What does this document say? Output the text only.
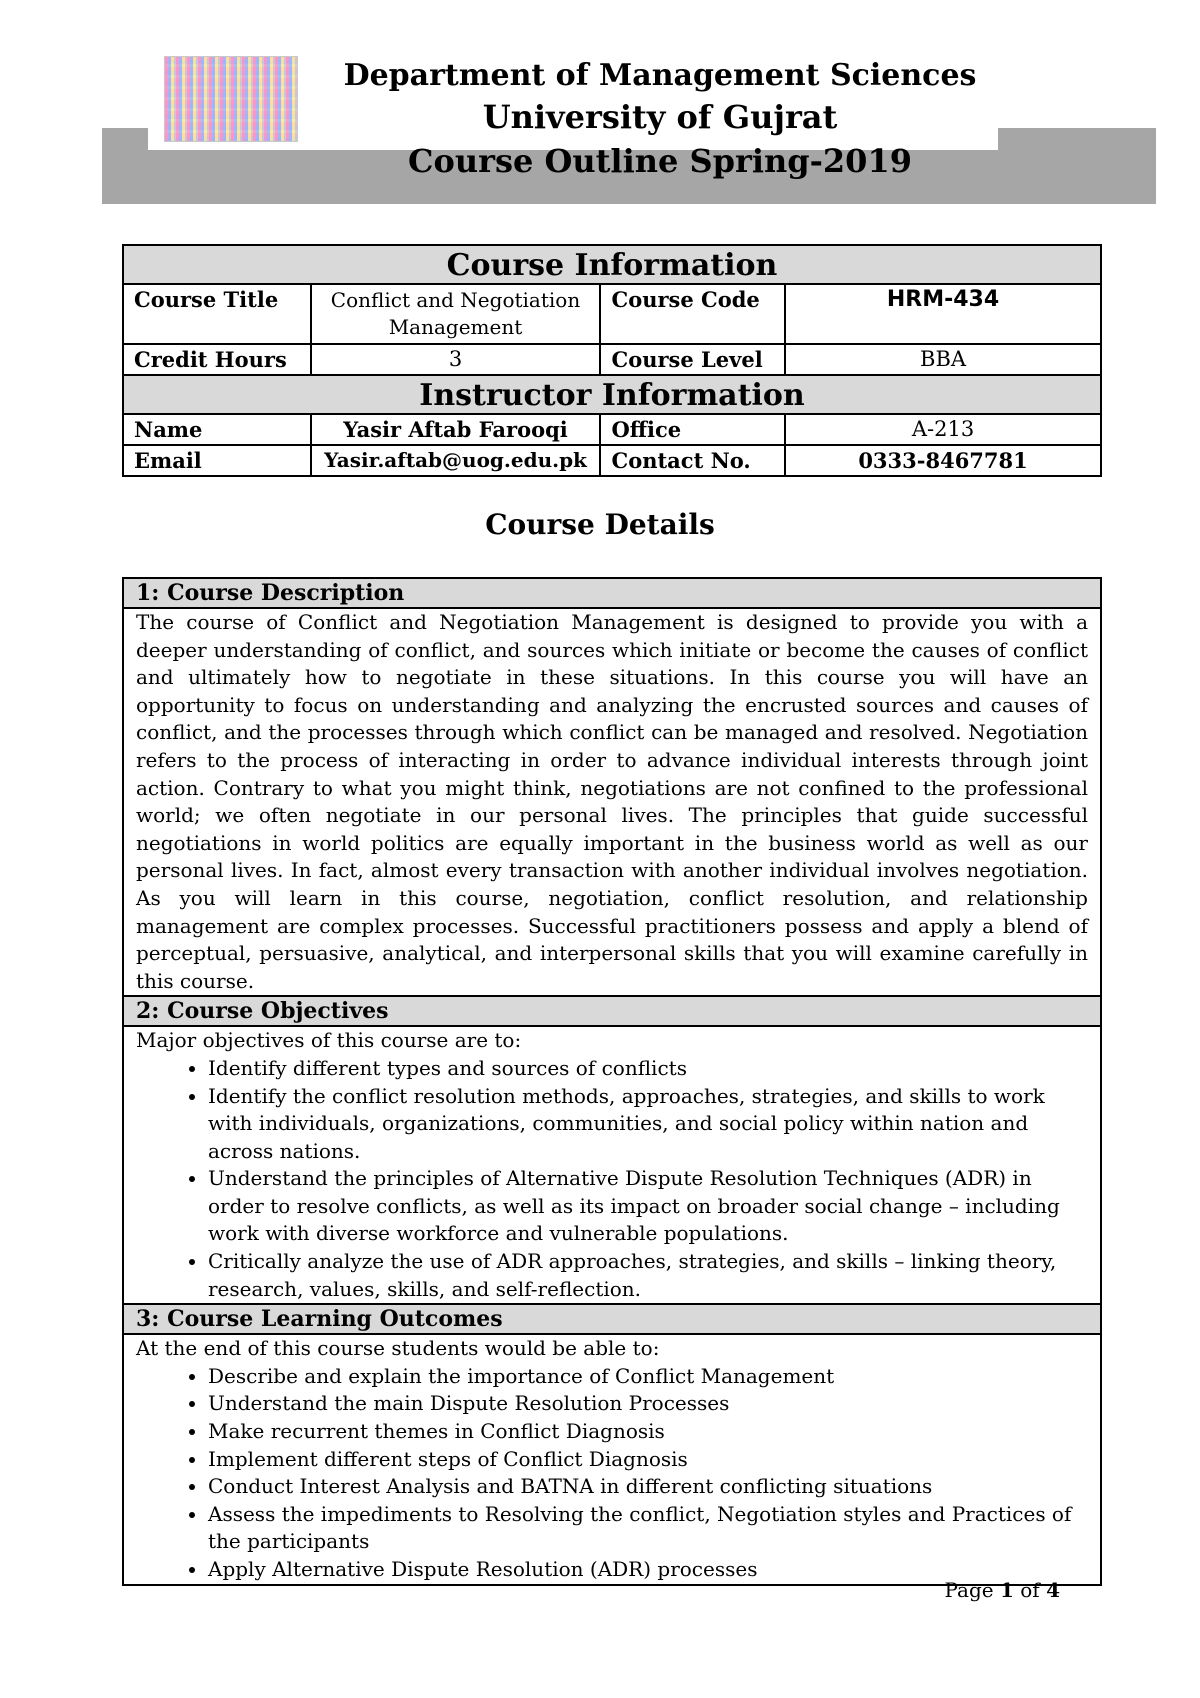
Department of Management Sciences
University of Gujrat
Course Outline Spring-2019
Course Information			
Course Title	Conflict and Negotiation Management	Course Code	HRM-434
Credit Hours	3	Course Level	BBA
Instructor Information			
Name	Yasir Aftab Farooqi	Office	A-213
Email	Yasir.aftab@uog.edu.pk	Contact No.	0333-8467781
Course Details
1: Course Description
The course of Conflict and Negotiation Management is designed to provide you with a deeper understanding of conflict, and sources which initiate or become the causes of conflict and ultimately how to negotiate in these situations. In this course you will have an opportunity to focus on understanding and analyzing the encrusted sources and causes of conflict, and the processes through which conflict can be managed and resolved. Negotiation refers to the process of interacting in order to advance individual interests through joint action. Contrary to what you might think, negotiations are not confined to the professional world; we often negotiate in our personal lives. The principles that guide successful negotiations in world politics are equally important in the business world as well as our personal lives. In fact, almost every transaction with another individual involves negotiation. As you will learn in this course, negotiation, conflict resolution, and relationship management are complex processes. Successful practitioners possess and apply a blend of perceptual, persuasive, analytical, and interpersonal skills that you will examine carefully in this course.
2: Course Objectives

Major objectives of this course are to:
• Identify different types and sources of conflicts
• Identify the conflict resolution methods, approaches, strategies, and skills to work with individuals, organizations, communities, and social policy within nation and across nations.
• Understand the principles of Alternative Dispute Resolution Techniques (ADR) in order to resolve conflicts, as well as its impact on broader social change – including work with diverse workforce and vulnerable populations.
• Critically analyze the use of ADR approaches, strategies, and skills – linking theory, research, values, skills, and self-reflection.

3: Course Learning Outcomes

At the end of this course students would be able to:
• Describe and explain the importance of Conflict Management
• Understand the main Dispute Resolution Processes
• Make recurrent themes in Conflict Diagnosis
• Implement different steps of Conflict Diagnosis
• Conduct Interest Analysis and BATNA in different conflicting situations
• Assess the impediments to Resolving the conflict, Negotiation styles and Practices of the participants
• Apply Alternative Dispute Resolution (ADR) processes
Page 1 of 4
